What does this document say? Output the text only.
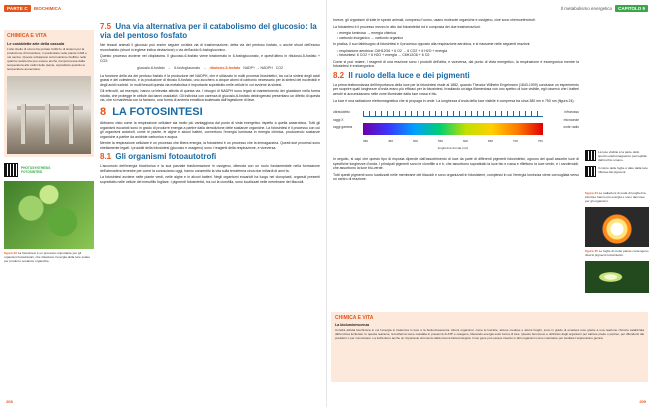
PARTE C	BIOCHIMICA
CHIMICA E VITA
Le cosiddette arte della cassola
L'alto livello di ozono ha portato l'utilizzo di sistemi per la produzione di fotosintesi, in particolare nelle piante CAM e nei cactus. Queste sviluppano la formazione biofilico nelle quali la resistenza può essere anche compromessa dalla temperatura alle radici delle piante, soprattutto quando le temperature aumentano.
PHOTOSYNTHESIS
FOTOSINTESI
figura 23 La fotosintesi è un processo importante per gli organismi fotosintetici, che rilasciano l'energia della luce solare per produrre sostanze organiche.
208
7.5 Una via alternativa per il catabolismo del glucosio: la via del pentoso fosfato

Nei tessuti animali il glucosio può anche seguire un'altra via di trasformazione, detta via del pentoso fosfato, o anche shunt dell'esoso monofosfato (shunt in inglese indica deviazione) o via dell'acido 6-fosfogluconico.

Questo processo avviene nel citoplasma. Il glucosio-6-fosfato viene trasformato in 6-fosfogluconato, e quest'ultimo in ribulosio-5-fosfato + CO2:

glucosio-6-fosfato → 6-fosfogluconato → ribulosio-5-fosfato NADP+ → NADPH CO2

La funzione della via del pentoso fosfato è la produzione del NADPH, che è utilizzato in molti processi biosintetici, tra cui la sintesi degli acidi grassi e del colesterolo, e la produzione di ribosio 5-fosfato, uno zucchero a cinque atomi di carbonio necessario per la sintesi dei nucleotidi e degli acidi nucleici. In molti tessuti questa via metabolica è importante soprattutto nelle cellule in cui avviene la sintesi.

Gli eritrociti, ad esempio, hanno un'elevata attività di questa via. I bisogni di NADPH sono legati al mantenimento del glutatione nella forma ridotta, che protegge le cellule dai danni ossidativi. Gli individui con carenza di glucosio-6-fosfato deidrogenasi presentano un difetto di questa via, che si manifesta con la favismo, una forma di anemia emolitica scatenata dall'ingestione di fave.

8 LA FOTOSINTESI

Abbiamo visto come la respirazione cellulare sia molto più vantaggiosa dal punto di vista energetico rispetto a quella anaerobica. Tutti gli organismi eucarioti sono in grado di produrre energia a partire dalla demolizione delle sostanze organiche. La fotosintesi è il processo con cui gli organismi autotrofi, come le piante, le alghe e alcuni batteri, convertono l'energia luminosa in energia chimica, producendo sostanze organiche a partire da anidride carbonica e acqua.

Mentre la respirazione cellulare è un processo che libera energia, la fotosintesi è un processo che la immagazzina. Questi due processi sono strettamente legati: i prodotti della fotosintesi (glucosio e ossigeno) sono i reagenti della respirazione, e viceversa.

8.1 Gli organismi fotoautotrofi

L'accumulo dell'energia biochimica e la sua parziale trasformazione in ossigeno, ottenuta con un ruolo fondamentale nella formazione dell'atmosfera terrestre per come la conosciamo oggi, hanno consentito la vita sulla terraferma circa due miliardi di anni fa.

La fotosintesi avviene nelle piante verdi, nelle alghe e in alcuni batteri. Negli organismi eucarioti ha luogo nei cloroplasti, organuli presenti soprattutto nelle cellule del mesofillo fogliare. I pigmenti fotosintetici, tra cui la clorofilla, sono localizzati nelle membrane dei tilacoidi.

Il metabolismo energetico	CAPITOLO 9

Invece, gli organismi di tutte le specie animali, compreso l'uomo, usano molecole organiche e ossigeno, cioè sono chemoeterotrofi.

La fotosintesi è il processo mezzo in atto dai fotosintetici ed è composta dei due trasformazioni:

• energia luminosa → energia chimica
• carbonio inorganico → carbonio organico

In pratica, il suo fabbisogno di fotosintesi è il processo opposto alla respirazione aerobica, e si riassume nelle seguenti reazioni:

• respirazione aerobica: C6H12O6 + 6 O2 → 6 CO2 + 6 H2O + energia
• fotosintesi: 6 CO2 + 6 H2O + energia → C6H12O6 + 6 O2

Come si può notare, i reagenti di una reazione sono i prodotti dell'altra, e viceversa, dal punto di vista energetico, la respirazione è esoergonica mentre la fotosintesi è endoergonica.

8.2 Il ruolo della luce e dei pigmenti

La prima testimonianza dell'importanza della luce per la fotosintesi risale al 1882, quando Theodor Wilhelm Engelmann (1843-1909) condusse un esperimento per scoprire quali lunghezze d'onda erano più efficaci per la fotosintesi. Irradiando un'alga filamentosa con uno spettro di luce visibile, egli osservò che i batteri aerobi si accumulavano nelle zone illuminate dalla luce rossa e blu.

La luce è una radiazione elettromagnetica che si propaga in onde. La lunghezza d'onda della luce visibile è compresa tra circa 380 nm e 750 nm (figura 24).

ultravioletto
raggi X
raggi gamma
infrarosso
microonde
onde radio
380	450	500	550	600	650	700	750
lunghezza d'onda (nm)

In seguito, si capì che questo tipo di risposta dipende dall'assorbimento di luce da parte di differenti pigmenti fotosintetici, ognuno dei quali assorbe luce di specifiche lunghezze d'onda. I principali pigmenti sono le clorofille a e b, che assorbono soprattutto la luce blu e rossa e riflettono la luce verde, e i carotenoidi, che assorbono la luce blu-verde.

Tutti questi pigmenti sono localizzati nelle membrane dei tilacoidi e sono organizzati in fotosistemi, complessi in cui l'energia luminosa viene convogliata verso un centro di reazione.

La luce visibile è la parte dello spettro elettromagnetico percepibile dall'occhio umano.
Il colore delle foglie è dato dalla luce riflessa dai pigmenti.
figura 24 Le radiazioni di onda di lunghezza inferiore hanno più energia e sono dannose per gli organismi.
figura 25 Le foglie di molte piante contengono diversi pigmenti fotosintetici.
CHIMICA E VITA
La bioluminescenza
Un'altra attività biochimica in cui l'energia si trasforma in luce è la bioluminescenza. Alcuni organismi, come le lucciole, alcune meduse e alcuni funghi, sono in grado di emettere luce grazie a una reazione chimica catalizzata dall'enzima luciferasi. In questa reazione, la luciferina viene ossidata in presenza di ATP e ossigeno, liberando energia sotto forma di luce. Questo fenomeno è utilizzato dagli organismi per attirare prede o partner, per difendersi dai predatori o per comunicare. La luciferasi è anche un importante strumento della ricerca biotecnologica: il suo gene può essere inserito in altri organismi come marcatore per studiare l'espressione genica.
209
